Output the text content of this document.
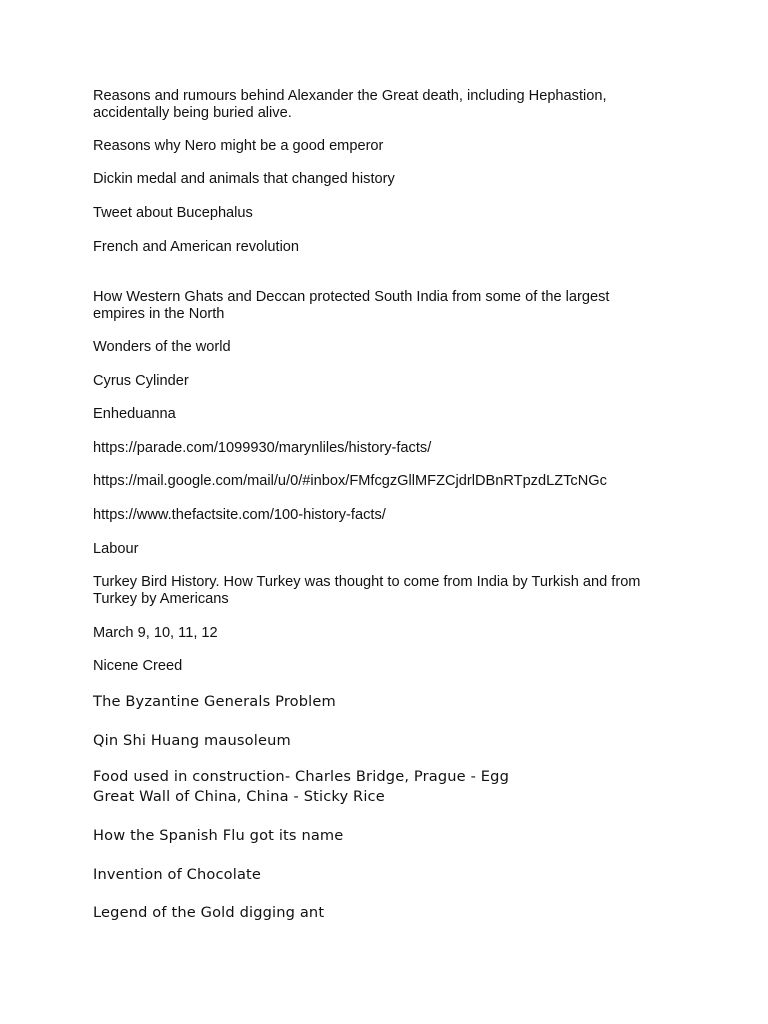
Reasons and rumours behind Alexander the Great death, including Hephastion,
accidentally being buried alive.

Reasons why Nero might be a good emperor

Dickin medal and animals that changed history

Tweet about Bucephalus

French and American revolution

How Western Ghats and Deccan protected South India from some of the largest
empires in the North

Wonders of the world

Cyrus Cylinder

Enheduanna

https://parade.com/1099930/marynliles/history-facts/

https://mail.google.com/mail/u/0/#inbox/FMfcgzGllMFZCjdrlDBnRTpzdLZTcNGc

https://www.thefactsite.com/100-history-facts/

Labour

Turkey Bird History. How Turkey was thought to come from India by Turkish and from
Turkey by Americans

March 9, 10, 11, 12

Nicene Creed

The Byzantine Generals Problem

Qin Shi Huang mausoleum

Food used in construction- Charles Bridge, Prague - Egg
Great Wall of China, China - Sticky Rice

How the Spanish Flu got its name

Invention of Chocolate

Legend of the Gold digging ant
